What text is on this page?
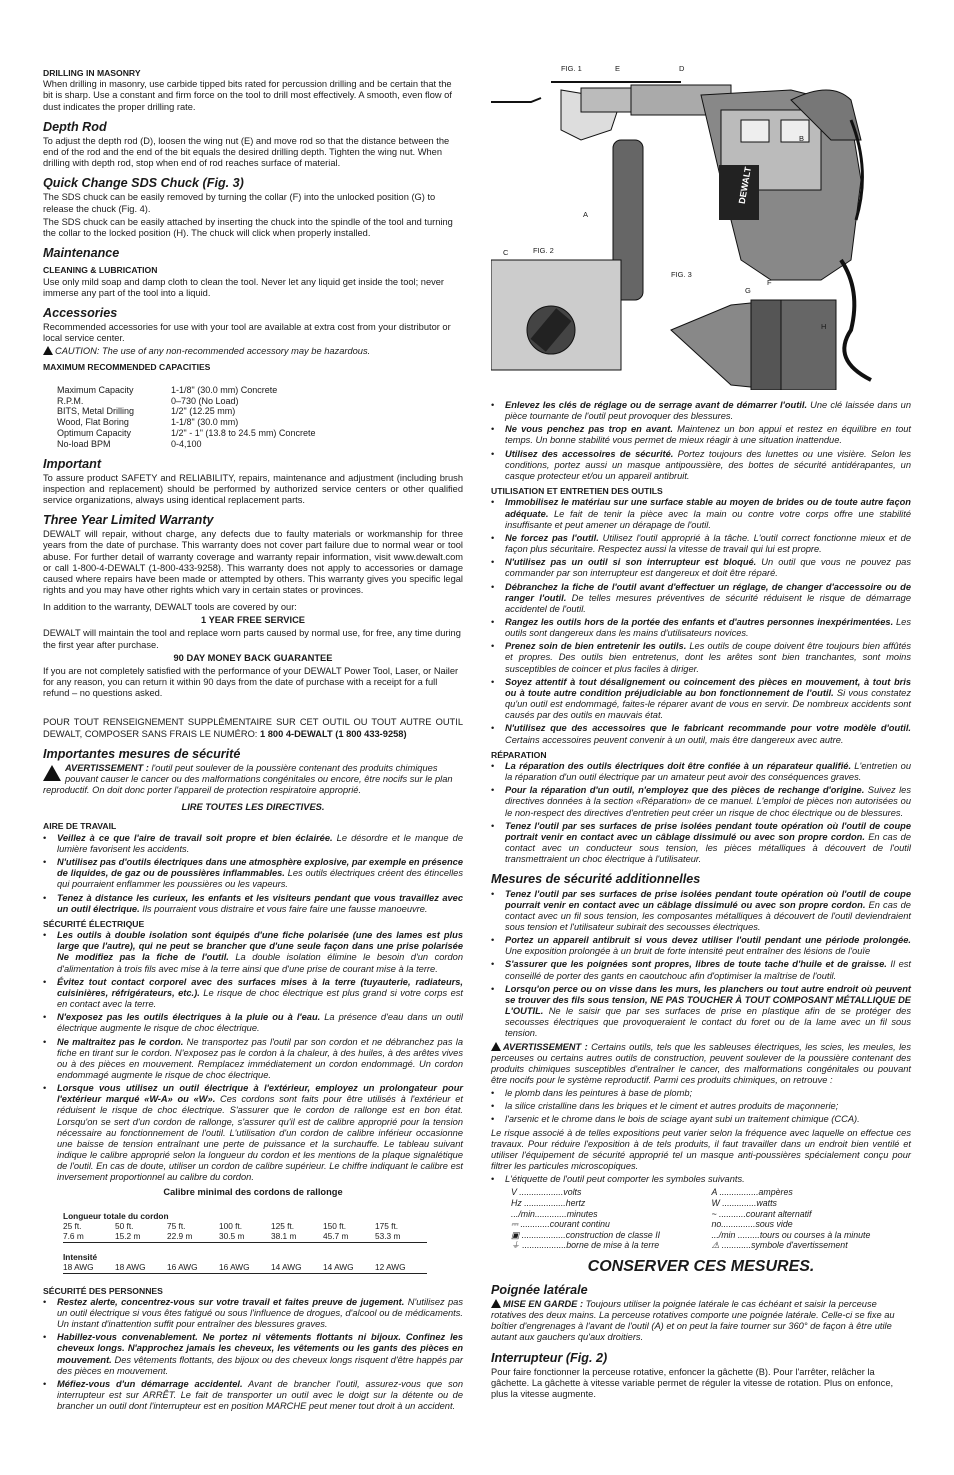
DRILLING IN MASONRY

When drilling in masonry, use carbide tipped bits rated for percussion drilling and be certain that the bit is sharp. Use a constant and firm force on the tool to drill most effectively. A smooth, even flow of dust indicates the proper drilling rate.

Depth Rod

To adjust the depth rod (D), loosen the wing nut (E) and move rod so that the distance between the end of the rod and the end of the bit equals the desired drilling depth. Tighten the wing nut. When drilling with depth rod, stop when end of rod reaches surface of material.

Quick Change SDS Chuck (Fig. 3)

The SDS chuck can be easily removed by turning the collar (F) into the unlocked position (G) to release the chuck (Fig. 4).

The SDS chuck can be easily attached by inserting the chuck into the spindle of the tool and turning the collar to the locked position (H). The chuck will click when properly installed.

Maintenance
CLEANING & LUBRICATION

Use only mild soap and damp cloth to clean the tool. Never let any liquid get inside the tool; never immerse any part of the tool into a liquid.

Accessories

Recommended accessories for use with your tool are available at extra cost from your distributor or local service center.

CAUTION: The use of any non-recommended accessory may be hazardous.

MAXIMUM RECOMMENDED CAPACITIES
Maximum Capacity	1-1/8" (30.0 mm) Concrete
R.P.M.	0–730 (No Load)
BITS, Metal Drilling	1/2" (12.25 mm)
Wood, Flat Boring	1-1/8" (30.0 mm)
Optimum Capacity	1/2" - 1" (13.8 to 24.5 mm) Concrete
No-load BPM	0-4,100
Important

To assure product SAFETY and RELIABILITY, repairs, maintenance and adjustment (including brush inspection and replacement) should be performed by authorized service centers or other qualified service organizations, always using identical replacement parts.

Three Year Limited Warranty

DEWALT will repair, without charge, any defects due to faulty materials or workmanship for three years from the date of purchase. This warranty does not cover part failure due to normal wear or tool abuse. For further detail of warranty coverage and warranty repair information, visit www.dewalt.com or call 1-800-4-DEWALT (1-800-433-9258). This warranty does not apply to accessories or damage caused where repairs have been made or attempted by others. This warranty gives you specific legal rights and you may have other rights which vary in certain states or provinces.

In addition to the warranty, DEWALT tools are covered by our:

1 YEAR FREE SERVICE

DEWALT will maintain the tool and replace worn parts caused by normal use, for free, any time during the first year after purchase.

90 DAY MONEY BACK GUARANTEE

If you are not completely satisfied with the performance of your DEWALT Power Tool, Laser, or Nailer for any reason, you can return it within 90 days from the date of purchase with a receipt for a full refund – no questions asked.

POUR TOUT RENSEIGNEMENT SUPPLÉMENTAIRE SUR CET OUTIL OU TOUT AUTRE OUTIL DEWALT, COMPOSER SANS FRAIS LE NUMÉRO: 1 800 4-DEWALT (1 800 433-9258)

Importantes mesures de sécurité

AVERTISSEMENT : l'outil peut soulever de la poussière contenant des produits chimiques pouvant causer le cancer ou des malformations congénitales ou encore, être nocifs sur le plan reproductif. On doit donc porter l'appareil de protection respiratoire approprié.

LIRE TOUTES LES DIRECTIVES.
AIRE DE TRAVAIL
• Veillez à ce que l'aire de travail soit propre et bien éclairée. Le désordre et le manque de lumière favorisent les accidents.
• N'utilisez pas d'outils électriques dans une atmosphère explosive, par exemple en présence de liquides, de gaz ou de poussières inflammables. Les outils électriques créent des étincelles qui pourraient enflammer les poussières ou les vapeurs.
• Tenez à distance les curieux, les enfants et les visiteurs pendant que vous travaillez avec un outil électrique. Ils pourraient vous distraire et vous faire faire une fausse manoeuvre.
SÉCURITÉ ÉLECTRIQUE
• Les outils à double isolation sont équipés d'une fiche polarisée (une des lames est plus large que l'autre), qui ne peut se brancher que d'une seule façon dans une prise polarisée Ne modifiez pas la fiche de l'outil. La double isolation élimine le besoin d'un cordon d'alimentation à trois fils avec mise à la terre ainsi que d'une prise de courant mise à la terre.
• Évitez tout contact corporel avec des surfaces mises à la terre (tuyauterie, radiateurs, cuisinières, réfrigérateurs, etc.). Le risque de choc électrique est plus grand si votre corps est en contact avec la terre.
• N'exposez pas les outils électriques à la pluie ou à l'eau. La présence d'eau dans un outil électrique augmente le risque de choc électrique.
• Ne maltraitez pas le cordon. Ne transportez pas l'outil par son cordon et ne débranchez pas la fiche en tirant sur le cordon. N'exposez pas le cordon à la chaleur, à des huiles, à des arêtes vives ou à des pièces en mouvement. Remplacez immédiatement un cordon endommagé. Un cordon endommagé augmente le risque de choc électrique.
• Lorsque vous utilisez un outil électrique à l'extérieur, employez un prolongateur pour l'extérieur marqué «W-A» ou «W». Ces cordons sont faits pour être utilisés à l'extérieur et réduisent le risque de choc électrique. S'assurer que le cordon de rallonge est en bon état. Lorsqu'on se sert d'un cordon de rallonge, s'assurer qu'il est de calibre approprié pour la tension nécessaire au fonctionnement de l'outil. L'utilisation d'un cordon de calibre inférieur occasionne une baisse de tension entraînant une perte de puissance et la surchauffe. Le tableau suivant indique le calibre approprié selon la longueur du cordon et les mentions de la plaque signalétique de l'outil. En cas de doute, utiliser un cordon de calibre supérieur. Le chiffre indiquant le calibre est inversement proportionnel au calibre du cordon.
Calibre minimal des cordons de rallonge
Longueur totale du cordon
25 ft.	50 ft.	75 ft.	100 ft.	125 ft.	150 ft.	175 ft.
7.6 m	15.2 m	22.9 m	30.5 m	38.1 m	45.7 m	53.3 m
Intensité
18 AWG	18 AWG	16 AWG	16 AWG	14 AWG	14 AWG	12 AWG
SÉCURITÉ DES PERSONNES
• Restez alerte, concentrez-vous sur votre travail et faites preuve de jugement. N'utilisez pas un outil électrique si vous êtes fatigué ou sous l'influence de drogues, d'alcool ou de médicaments. Un instant d'inattention suffit pour entraîner des blessures graves.
• Habillez-vous convenablement. Ne portez ni vêtements flottants ni bijoux. Confinez les cheveux longs. N'approchez jamais les cheveux, les vêtements ou les gants des pièces en mouvement. Des vêtements flottants, des bijoux ou des cheveux longs risquent d'être happés par des pièces en mouvement.
• Méfiez-vous d'un démarrage accidentel. Avant de brancher l'outil, assurez-vous que son interrupteur est sur ARRÊT. Le fait de transporter un outil avec le doigt sur la détente ou de brancher un outil dont l'interrupteur est en position MARCHE peut mener tout droit à un accident.
DEWALT
FIG. 1	E	D
B
A
C	FIG. 2
FIG. 3
G
F
H
• Enlevez les clés de réglage ou de serrage avant de démarrer l'outil. Une clé laissée dans un pièce tournante de l'outil peut provoquer des blessures.
• Ne vous penchez pas trop en avant. Maintenez un bon appui et restez en équilibre en tout temps. Un bonne stabilité vous permet de mieux réagir à une situation inattendue.
• Utilisez des accessoires de sécurité. Portez toujours des lunettes ou une visière. Selon les conditions, portez aussi un masque antipoussière, des bottes de sécurité antidérapantes, un casque protecteur et/ou un appareil antibruit.
UTILISATION ET ENTRETIEN DES OUTILS
• Immobilisez le matériau sur une surface stable au moyen de brides ou de toute autre façon adéquate. Le fait de tenir la pièce avec la main ou contre votre corps offre une stabilité insuffisante et peut amener un dérapage de l'outil.
• Ne forcez pas l'outil. Utilisez l'outil approprié à la tâche. L'outil correct fonctionne mieux et de façon plus sécuritaire. Respectez aussi la vitesse de travail qui lui est propre.
• N'utilisez pas un outil si son interrupteur est bloqué. Un outil que vous ne pouvez pas commander par son interrupteur est dangereux et doit être réparé.
• Débranchez la fiche de l'outil avant d'effectuer un réglage, de changer d'accessoire ou de ranger l'outil. De telles mesures préventives de sécurité réduisent le risque de démarrage accidentel de l'outil.
• Rangez les outils hors de la portée des enfants et d'autres personnes inexpérimentées. Les outils sont dangereux dans les mains d'utilisateurs novices.
• Prenez soin de bien entretenir les outils. Les outils de coupe doivent être toujours bien affûtés et propres. Des outils bien entretenus, dont les arêtes sont bien tranchantes, sont moins susceptibles de coincer et plus faciles à diriger.
• Soyez attentif à tout désalignement ou coincement des pièces en mouvement, à tout bris ou à toute autre condition préjudiciable au bon fonctionnement de l'outil. Si vous constatez qu'un outil est endommagé, faites-le réparer avant de vous en servir. De nombreux accidents sont causés par des outils en mauvais état.
• N'utilisez que des accessoires que le fabricant recommande pour votre modèle d'outil. Certains accessoires peuvent convenir à un outil, mais être dangereux avec autre.
RÉPARATION
• La réparation des outils électriques doit être confiée à un réparateur qualifié. L'entretien ou la réparation d'un outil électrique par un amateur peut avoir des conséquences graves.
• Pour la réparation d'un outil, n'employez que des pièces de rechange d'origine. Suivez les directives données à la section «Réparation» de ce manuel. L'emploi de pièces non autorisées ou le non-respect des directives d'entretien peut créer un risque de choc électrique ou de blessures.
• Tenez l'outil par ses surfaces de prise isolées pendant toute opération où l'outil de coupe portrait venir en contact avec un câblage dissimulé ou avec son propre cordon. En cas de contact avec un conducteur sous tension, les pièces métalliques à découvert de l'outil transmettraient un choc électrique à l'utilisateur.
Mesures de sécurité additionnelles
• Tenez l'outil par ses surfaces de prise isolées pendant toute opération où l'outil de coupe pourrait venir en contact avec un câblage dissimulé ou avec son propre cordon. En cas de contact avec un fil sous tension, les composantes métalliques à découvert de l'outil deviendraient sous tension et l'utilisateur subirait des secousses électriques.
• Portez un appareil antibruit si vous devez utiliser l'outil pendant une période prolongée. Une exposition prolongée à un bruit de forte intensité peut entraîner des lésions de l'ouïe
• S'assurer que les poignées sont propres, libres de toute tache d'huile et de graisse. Il est conseillé de porter des gants en caoutchouc afin d'optimiser la maîtrise de l'outil.
• Lorsqu'on perce ou on visse dans les murs, les planchers ou tout autre endroit où peuvent se trouver des fils sous tension, NE PAS TOUCHER À TOUT COMPOSANT MÉTALLIQUE DE L'OUTIL. Ne le saisir que par ses surfaces de prise en plastique afin de se protéger des secousses électriques que provoqueraient le contact du foret ou de la lame avec un fil sous tension.

AVERTISSEMENT : Certains outils, tels que les sableuses électriques, les scies, les meules, les perceuses ou certains autres outils de construction, peuvent soulever de la poussière contenant des produits chimiques susceptibles d'entraîner le cancer, des malformations congénitales ou pouvant être nocifs pour le système reproductif. Parmi ces produits chimiques, on retrouve :

• le plomb dans les peintures à base de plomb;
• la silice cristalline dans les briques et le ciment et autres produits de maçonnerie;
• l'arsenic et le chrome dans le bois de sciage ayant subi un traitement chimique (CCA).

Le risque associé à de telles expositions peut varier selon la fréquence avec laquelle on effectue ces travaux. Pour réduire l'exposition à de tels produits, il faut travailler dans un endroit bien ventilé et utiliser l'équipement de sécurité approprié tel un masque anti-poussières spécialement conçu pour filtrer les particules microscopiques.

• L'étiquette de l'outil peut comporter les symboles suivants.
V ..................volts	A ................ampères
Hz .................hertz	W ..............watts
.../min.............minutes	~ ...........courant alternatif
⎓ ............courant continu	no..............sous vide
▣ ..................construction de classe II	.../min .........tours ou courses à la minute
⏚ ..................borne de mise à la terre	⚠ ............symbole d'avertissement
CONSERVER CES MESURES.
Poignée latérale

MISE EN GARDE : Toujours utiliser la poignée latérale le cas échéant et saisir la perceuse rotatives des deux mains. La perceuse rotatives comporte une poignée latérale. Celle-ci se fixe au boîtier d'engrenages à l'avant de l'outil (A) et on peut la faire tourner sur 360° de façon à être utile autant aux gauchers qu'aux droitiers.

Interrupteur (Fig. 2)

Pour faire fonctionner la perceuse rotative, enfoncer la gâchette (B). Pour l'arrêter, relâcher la gâchette. La gâchette à vitesse variable permet de réguler la vitesse de rotation. Plus on enfonce, plus la vitesse augmente.
